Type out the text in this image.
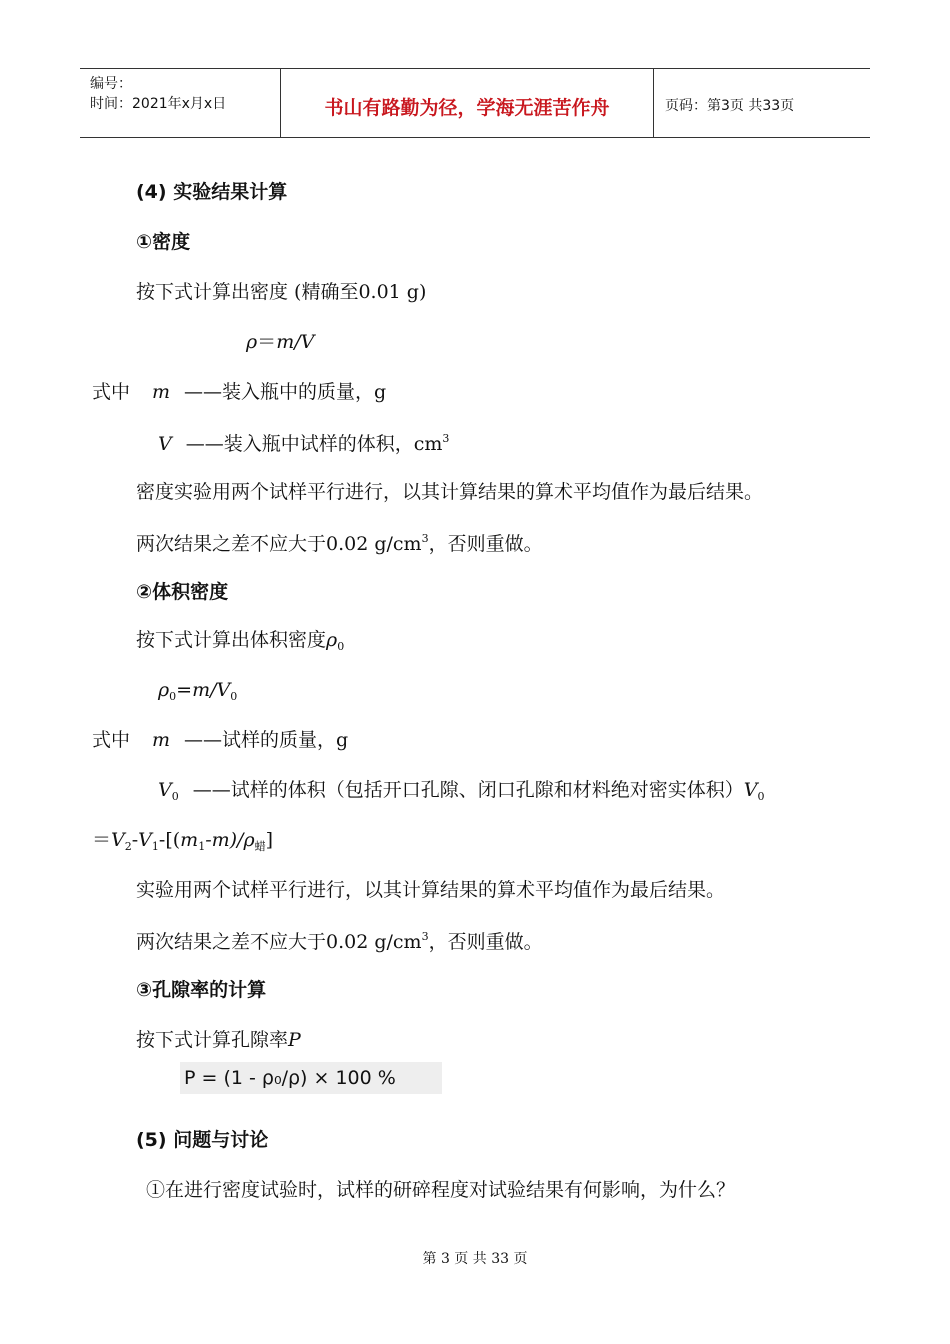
编号：
时间：2021年x月x日	书山有路勤为径，学海无涯苦作舟	页码：第3页 共33页
(4) 实验结果计算
①密度
按下式计算出密度 (精确至0.01 g)
ρ＝m/V
式中 m ——装入瓶中的质量，g
V ——装入瓶中试样的体积，$cm^3$
密度实验用两个试样平行进行，以其计算结果的算术平均值作为最后结果。
两次结果之差不应大于0.02 $g/cm^3$，否则重做。
②体积密度
按下式计算出体积密度$\rho_0$
$\rho_0=m/V_0$
式中 m ——试样的质量，g
$V_0$ ——试样的体积（包括开口孔隙、闭口孔隙和材料绝对密实体积）$V_0$
$=V_2-V_1-[(m_1-m)/\rho_蜡]$
实验用两个试样平行进行，以其计算结果的算术平均值作为最后结果。
两次结果之差不应大于0.02 $g/cm^3$，否则重做。
③孔隙率的计算
按下式计算孔隙率P
P = (1 - ρ₀/ρ) × 100 %
(5) 问题与讨论
①在进行密度试验时，试样的研碎程度对试验结果有何影响，为什么？
第 3 页 共 33 页
